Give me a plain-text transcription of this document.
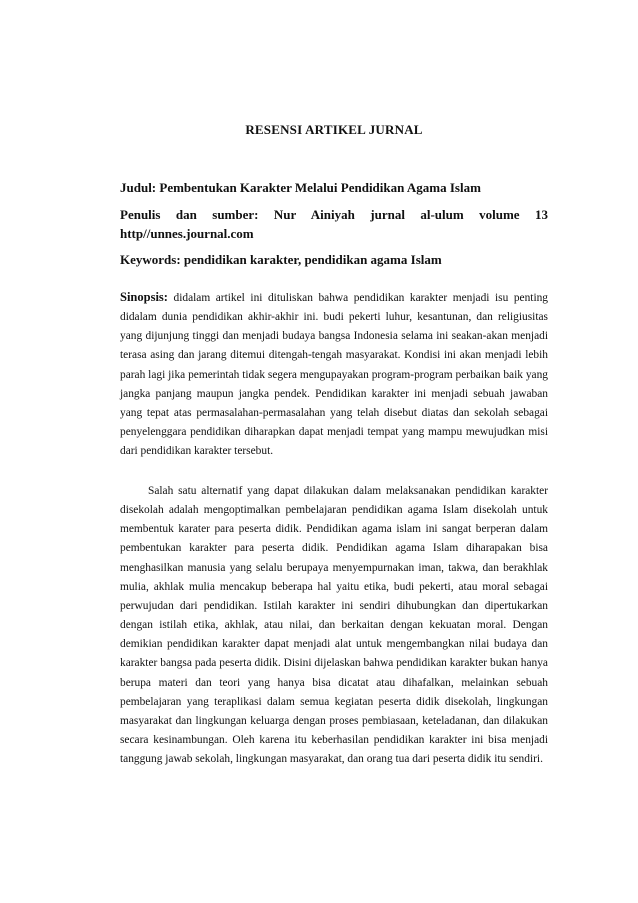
RESENSI ARTIKEL JURNAL
Judul: Pembentukan Karakter Melalui Pendidikan Agama Islam
Penulis dan sumber: Nur Ainiyah jurnal al-ulum volume 13
http//unnes.journal.com
Keywords: pendidikan karakter, pendidikan agama Islam
Sinopsis: didalam artikel ini dituliskan bahwa pendidikan karakter menjadi isu penting didalam dunia pendidikan akhir-akhir ini. budi pekerti luhur, kesantunan, dan religiusitas yang dijunjung tinggi dan menjadi budaya bangsa Indonesia selama ini seakan-akan menjadi terasa asing dan jarang ditemui ditengah-tengah masyarakat. Kondisi ini akan menjadi lebih parah lagi jika pemerintah tidak segera mengupayakan program-program perbaikan baik yang jangka panjang maupun jangka pendek. Pendidikan karakter ini menjadi sebuah jawaban yang tepat atas permasalahan-permasalahan yang telah disebut diatas dan sekolah sebagai penyelenggara pendidikan diharapkan dapat menjadi tempat yang mampu mewujudkan misi dari pendidikan karakter tersebut.
Salah satu alternatif yang dapat dilakukan dalam melaksanakan pendidikan karakter disekolah adalah mengoptimalkan pembelajaran pendidikan agama Islam disekolah untuk membentuk karater para peserta didik. Pendidikan agama islam ini sangat berperan dalam pembentukan karakter para peserta didik. Pendidikan agama Islam diharapakan bisa menghasilkan manusia yang selalu berupaya menyempurnakan iman, takwa, dan berakhlak mulia, akhlak mulia mencakup beberapa hal yaitu etika, budi pekerti, atau moral sebagai perwujudan dari pendidikan. Istilah karakter ini sendiri dihubungkan dan dipertukarkan dengan istilah etika, akhlak, atau nilai, dan berkaitan dengan kekuatan moral. Dengan demikian pendidikan karakter dapat menjadi alat untuk mengembangkan nilai budaya dan karakter bangsa pada peserta didik. Disini dijelaskan bahwa pendidikan karakter bukan hanya berupa materi dan teori yang hanya bisa dicatat atau dihafalkan, melainkan sebuah pembelajaran yang teraplikasi dalam semua kegiatan peserta didik disekolah, lingkungan masyarakat dan lingkungan keluarga dengan proses pembiasaan, keteladanan, dan dilakukan secara kesinambungan. Oleh karena itu keberhasilan pendidikan karakter ini bisa menjadi tanggung jawab sekolah, lingkungan masyarakat, dan orang tua dari peserta didik itu sendiri.
